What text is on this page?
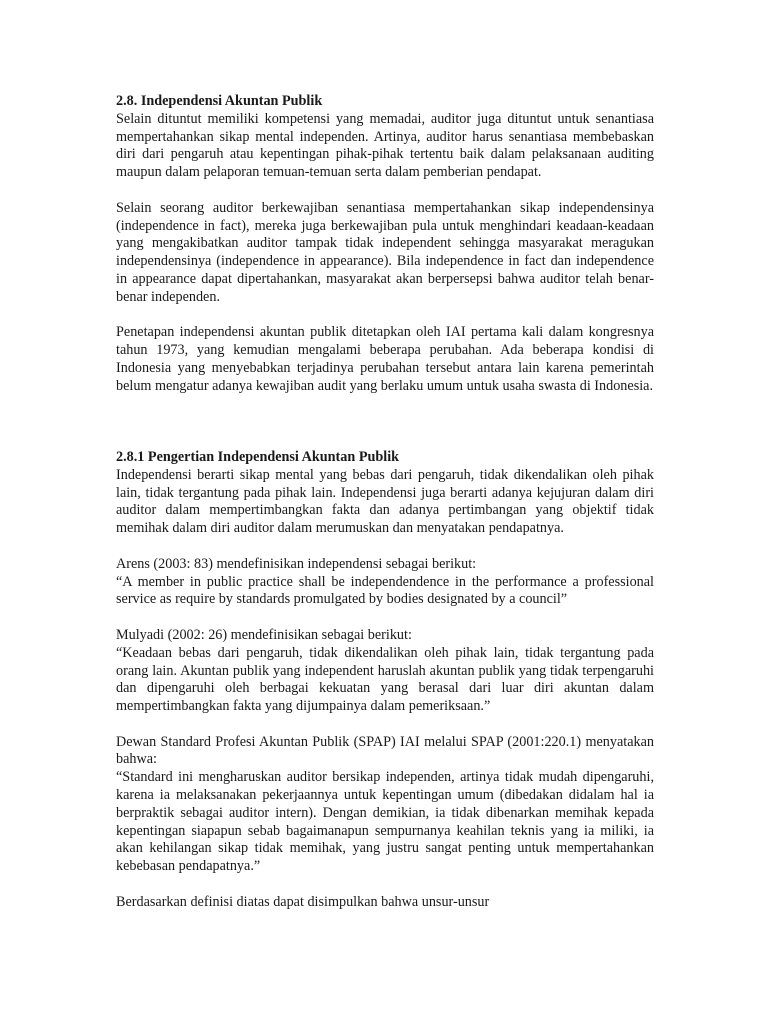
2.8. Independensi Akuntan Publik

Selain dituntut memiliki kompetensi yang memadai, auditor juga dituntut untuk senantiasa mempertahankan sikap mental independen. Artinya, auditor harus senantiasa membebaskan diri dari pengaruh atau kepentingan pihak-pihak tertentu baik dalam pelaksanaan auditing maupun dalam pelaporan temuan-temuan serta dalam pemberian pendapat.

Selain seorang auditor berkewajiban senantiasa mempertahankan sikap independensinya (independence in fact), mereka juga berkewajiban pula untuk menghindari keadaan-keadaan yang mengakibatkan auditor tampak tidak independent sehingga masyarakat meragukan independensinya (independence in appearance). Bila independence in fact dan independence in appearance dapat dipertahankan, masyarakat akan berpersepsi bahwa auditor telah benar-benar independen.

Penetapan independensi akuntan publik ditetapkan oleh IAI pertama kali dalam kongresnya tahun 1973, yang kemudian mengalami beberapa perubahan. Ada beberapa kondisi di Indonesia yang menyebabkan terjadinya perubahan tersebut antara lain karena pemerintah belum mengatur adanya kewajiban audit yang berlaku umum untuk usaha swasta di Indonesia.

2.8.1 Pengertian Independensi Akuntan Publik

Independensi berarti sikap mental yang bebas dari pengaruh, tidak dikendalikan oleh pihak lain, tidak tergantung pada pihak lain. Independensi juga berarti adanya kejujuran dalam diri auditor dalam mempertimbangkan fakta dan adanya pertimbangan yang objektif tidak memihak dalam diri auditor dalam merumuskan dan menyatakan pendapatnya.

Arens (2003: 83) mendefinisikan independensi sebagai berikut:

“A member in public practice shall be independendence in the performance a professional service as require by standards promulgated by bodies designated by a council”

Mulyadi (2002: 26) mendefinisikan sebagai berikut:

“Keadaan bebas dari pengaruh, tidak dikendalikan oleh pihak lain, tidak tergantung pada orang lain. Akuntan publik yang independent haruslah akuntan publik yang tidak terpengaruhi dan dipengaruhi oleh berbagai kekuatan yang berasal dari luar diri akuntan dalam mempertimbangkan fakta yang dijumpainya dalam pemeriksaan.”

Dewan Standard Profesi Akuntan Publik (SPAP) IAI melalui SPAP (2001:220.1) menyatakan bahwa:

“Standard ini mengharuskan auditor bersikap independen, artinya tidak mudah dipengaruhi, karena ia melaksanakan pekerjaannya untuk kepentingan umum (dibedakan didalam hal ia berpraktik sebagai auditor intern). Dengan demikian, ia tidak dibenarkan memihak kepada kepentingan siapapun sebab bagaimanapun sempurnanya keahilan teknis yang ia miliki, ia akan kehilangan sikap tidak memihak, yang justru sangat penting untuk mempertahankan kebebasan pendapatnya.”

Berdasarkan definisi diatas dapat disimpulkan bahwa unsur-unsur
